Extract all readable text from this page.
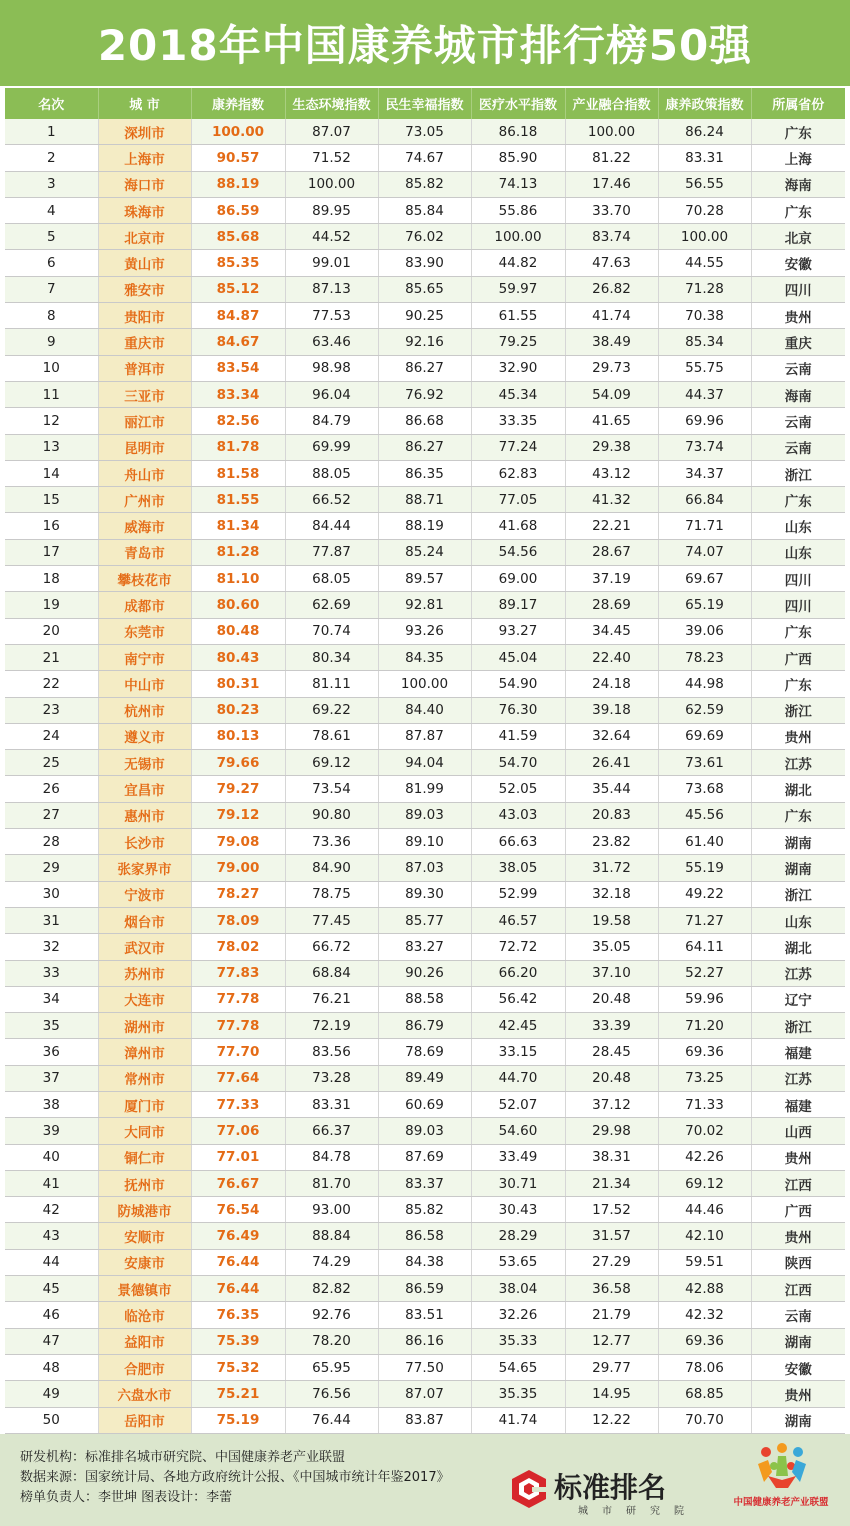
2018年中国康养城市排行榜50强
名次	城 市	康养指数	生态环境指数	民生幸福指数	医疗水平指数	产业融合指数	康养政策指数	所属省份
1	深圳市	100.00	87.07	73.05	86.18	100.00	86.24	广东
2	上海市	90.57	71.52	74.67	85.90	81.22	83.31	上海
3	海口市	88.19	100.00	85.82	74.13	17.46	56.55	海南
4	珠海市	86.59	89.95	85.84	55.86	33.70	70.28	广东
5	北京市	85.68	44.52	76.02	100.00	83.74	100.00	北京
6	黄山市	85.35	99.01	83.90	44.82	47.63	44.55	安徽
7	雅安市	85.12	87.13	85.65	59.97	26.82	71.28	四川
8	贵阳市	84.87	77.53	90.25	61.55	41.74	70.38	贵州
9	重庆市	84.67	63.46	92.16	79.25	38.49	85.34	重庆
10	普洱市	83.54	98.98	86.27	32.90	29.73	55.75	云南
11	三亚市	83.34	96.04	76.92	45.34	54.09	44.37	海南
12	丽江市	82.56	84.79	86.68	33.35	41.65	69.96	云南
13	昆明市	81.78	69.99	86.27	77.24	29.38	73.74	云南
14	舟山市	81.58	88.05	86.35	62.83	43.12	34.37	浙江
15	广州市	81.55	66.52	88.71	77.05	41.32	66.84	广东
16	威海市	81.34	84.44	88.19	41.68	22.21	71.71	山东
17	青岛市	81.28	77.87	85.24	54.56	28.67	74.07	山东
18	攀枝花市	81.10	68.05	89.57	69.00	37.19	69.67	四川
19	成都市	80.60	62.69	92.81	89.17	28.69	65.19	四川
20	东莞市	80.48	70.74	93.26	93.27	34.45	39.06	广东
21	南宁市	80.43	80.34	84.35	45.04	22.40	78.23	广西
22	中山市	80.31	81.11	100.00	54.90	24.18	44.98	广东
23	杭州市	80.23	69.22	84.40	76.30	39.18	62.59	浙江
24	遵义市	80.13	78.61	87.87	41.59	32.64	69.69	贵州
25	无锡市	79.66	69.12	94.04	54.70	26.41	73.61	江苏
26	宜昌市	79.27	73.54	81.99	52.05	35.44	73.68	湖北
27	惠州市	79.12	90.80	89.03	43.03	20.83	45.56	广东
28	长沙市	79.08	73.36	89.10	66.63	23.82	61.40	湖南
29	张家界市	79.00	84.90	87.03	38.05	31.72	55.19	湖南
30	宁波市	78.27	78.75	89.30	52.99	32.18	49.22	浙江
31	烟台市	78.09	77.45	85.77	46.57	19.58	71.27	山东
32	武汉市	78.02	66.72	83.27	72.72	35.05	64.11	湖北
33	苏州市	77.83	68.84	90.26	66.20	37.10	52.27	江苏
34	大连市	77.78	76.21	88.58	56.42	20.48	59.96	辽宁
35	湖州市	77.78	72.19	86.79	42.45	33.39	71.20	浙江
36	漳州市	77.70	83.56	78.69	33.15	28.45	69.36	福建
37	常州市	77.64	73.28	89.49	44.70	20.48	73.25	江苏
38	厦门市	77.33	83.31	60.69	52.07	37.12	71.33	福建
39	大同市	77.06	66.37	89.03	54.60	29.98	70.02	山西
40	铜仁市	77.01	84.78	87.69	33.49	38.31	42.26	贵州
41	抚州市	76.67	81.70	83.37	30.71	21.34	69.12	江西
42	防城港市	76.54	93.00	85.82	30.43	17.52	44.46	广西
43	安顺市	76.49	88.84	86.58	28.29	31.57	42.10	贵州
44	安康市	76.44	74.29	84.38	53.65	27.29	59.51	陕西
45	景德镇市	76.44	82.82	86.59	38.04	36.58	42.88	江西
46	临沧市	76.35	92.76	83.51	32.26	21.79	42.32	云南
47	益阳市	75.39	78.20	86.16	35.33	12.77	69.36	湖南
48	合肥市	75.32	65.95	77.50	54.65	29.77	78.06	安徽
49	六盘水市	75.21	76.56	87.07	35.35	14.95	68.85	贵州
50	岳阳市	75.19	76.44	83.87	41.74	12.22	70.70	湖南
研发机构：标准排名城市研究院、中国健康养老产业联盟
数据来源：国家统计局、各地方政府统计公报、《中国城市统计年鉴2017》
榜单负责人：李世坤 图表设计：李蕾	标准排名
城市研究院
中国健康养老产业联盟
